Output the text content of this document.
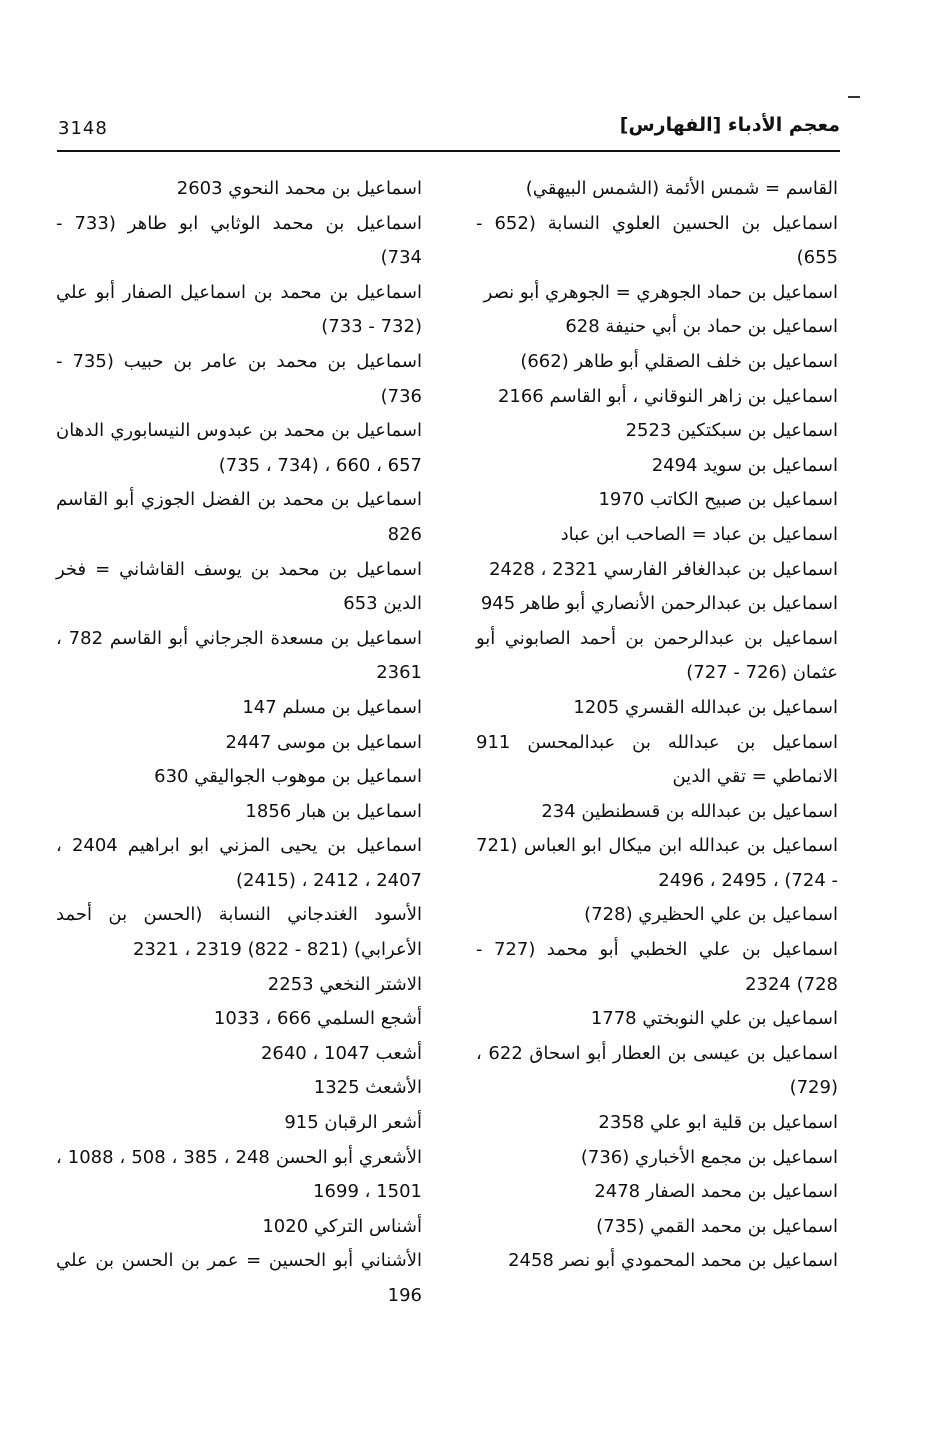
3148	معجم الأدباء [الفهارس]

القاسم = شمس الأئمة (الشمس البيهقي)

اسماعيل بن الحسين العلوي النسابة (652 - 655)

اسماعيل بن حماد الجوهري = الجوهري أبو نصر

اسماعيل بن حماد بن أبي حنيفة 628

اسماعيل بن خلف الصقلي أبو طاهر (662)

اسماعيل بن زاهر النوقاني ، أبو القاسم 2166

اسماعيل بن سبكتكين 2523

اسماعيل بن سويد 2494

اسماعيل بن صبيح الكاتب 1970

اسماعيل بن عباد = الصاحب ابن عباد

اسماعيل بن عبدالغافر الفارسي 2321 ، 2428

اسماعيل بن عبدالرحمن الأنصاري أبو طاهر 945

اسماعيل بن عبدالرحمن بن أحمد الصابوني أبو عثمان (726 - 727)

اسماعيل بن عبدالله القسري 1205

اسماعيل بن عبدالله بن عبدالمحسن 911 الانماطي = تقي الدين

اسماعيل بن عبدالله بن قسطنطين 234

اسماعيل بن عبدالله ابن ميكال ابو العباس (721 - 724) ، 2495 ، 2496

اسماعيل بن علي الحظيري (728)

اسماعيل بن علي الخطبي أبو محمد (727 - 728) 2324

اسماعيل بن علي النوبختي 1778

اسماعيل بن عيسى بن العطار أبو اسحاق 622 ، (729)

اسماعيل بن قلية ابو علي 2358

اسماعيل بن مجمع الأخباري (736)

اسماعيل بن محمد الصفار 2478

اسماعيل بن محمد القمي (735)

اسماعيل بن محمد المحمودي أبو نصر 2458

اسماعيل بن محمد النحوي 2603

اسماعيل بن محمد الوثابي ابو طاهر (733 - 734)

اسماعيل بن محمد بن اسماعيل الصفار أبو علي (732 - 733)

اسماعيل بن محمد بن عامر بن حبيب (735 - 736)

اسماعيل بن محمد بن عبدوس النيسابوري الدهان 657 ، 660 ، (734 ، 735)

اسماعيل بن محمد بن الفضل الجوزي أبو القاسم 826

اسماعيل بن محمد بن يوسف القاشاني = فخر الدين 653

اسماعيل بن مسعدة الجرجاني أبو القاسم 782 ، 2361

اسماعيل بن مسلم 147

اسماعيل بن موسى 2447

اسماعيل بن موهوب الجواليقي 630

اسماعيل بن هبار 1856

اسماعيل بن يحيى المزني ابو ابراهيم 2404 ، 2407 ، 2412 ، (2415)

الأسود الغندجاني النسابة (الحسن بن أحمد الأعرابي) (821 - 822) 2319 ، 2321

الاشتر النخعي 2253

أشجع السلمي 666 ، 1033

أشعب 1047 ، 2640

الأشعث 1325

أشعر الرقبان 915

الأشعري أبو الحسن 248 ، 385 ، 508 ، 1088 ، 1501 ، 1699

أشناس التركي 1020

الأشناني أبو الحسين = عمر بن الحسن بن علي 196
